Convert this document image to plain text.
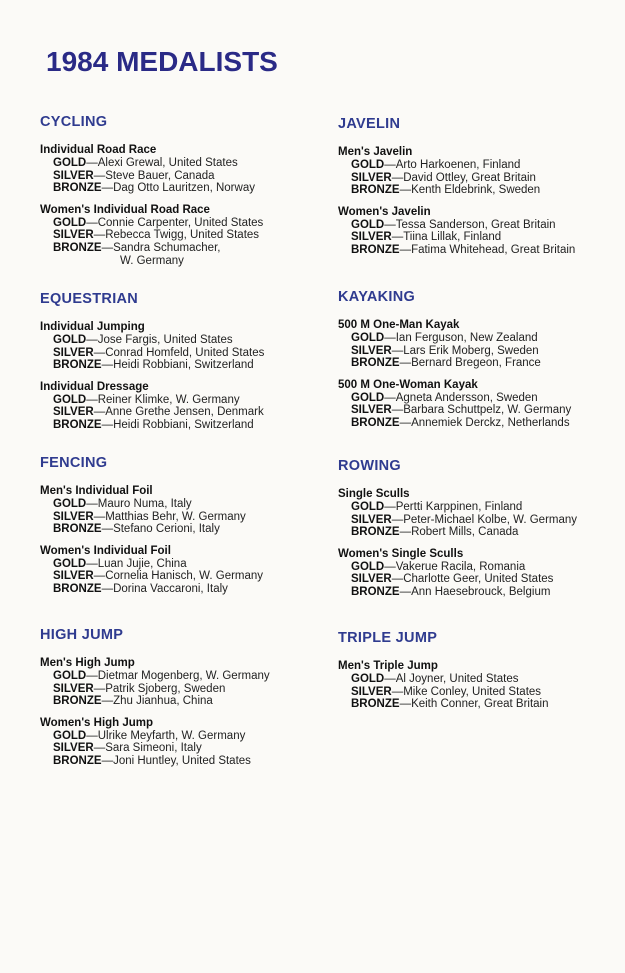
1984 MEDALISTS
CYCLING
Individual Road Race
GOLD—Alexi Grewal, United States
SILVER—Steve Bauer, Canada
BRONZE—Dag Otto Lauritzen, Norway
Women's Individual Road Race
GOLD—Connie Carpenter, United States
SILVER—Rebecca Twigg, United States
BRONZE—Sandra Schumacher,
W. Germany
EQUESTRIAN
Individual Jumping
GOLD—Jose Fargis, United States
SILVER—Conrad Homfeld, United States
BRONZE—Heidi Robbiani, Switzerland
Individual Dressage
GOLD—Reiner Klimke, W. Germany
SILVER—Anne Grethe Jensen, Denmark
BRONZE—Heidi Robbiani, Switzerland
FENCING
Men's Individual Foil
GOLD—Mauro Numa, Italy
SILVER—Matthias Behr, W. Germany
BRONZE—Stefano Cerioni, Italy
Women's Individual Foil
GOLD—Luan Jujie, China
SILVER—Cornelia Hanisch, W. Germany
BRONZE—Dorina Vaccaroni, Italy
HIGH JUMP
Men's High Jump
GOLD—Dietmar Mogenberg, W. Germany
SILVER—Patrik Sjoberg, Sweden
BRONZE—Zhu Jianhua, China
Women's High Jump
GOLD—Ulrike Meyfarth, W. Germany
SILVER—Sara Simeoni, Italy
BRONZE—Joni Huntley, United States
JAVELIN
Men's Javelin
GOLD—Arto Harkoenen, Finland
SILVER—David Ottley, Great Britain
BRONZE—Kenth Eldebrink, Sweden
Women's Javelin
GOLD—Tessa Sanderson, Great Britain
SILVER—Tiina Lillak, Finland
BRONZE—Fatima Whitehead, Great Britain
KAYAKING
500 M One-Man Kayak
GOLD—Ian Ferguson, New Zealand
SILVER—Lars Erik Moberg, Sweden
BRONZE—Bernard Bregeon, France
500 M One-Woman Kayak
GOLD—Agneta Andersson, Sweden
SILVER—Barbara Schuttpelz, W. Germany
BRONZE—Annemiek Derckz, Netherlands
ROWING
Single Sculls
GOLD—Pertti Karppinen, Finland
SILVER—Peter-Michael Kolbe, W. Germany
BRONZE—Robert Mills, Canada
Women's Single Sculls
GOLD—Vakerue Racila, Romania
SILVER—Charlotte Geer, United States
BRONZE—Ann Haesebrouck, Belgium
TRIPLE JUMP
Men's Triple Jump
GOLD—Al Joyner, United States
SILVER—Mike Conley, United States
BRONZE—Keith Conner, Great Britain
